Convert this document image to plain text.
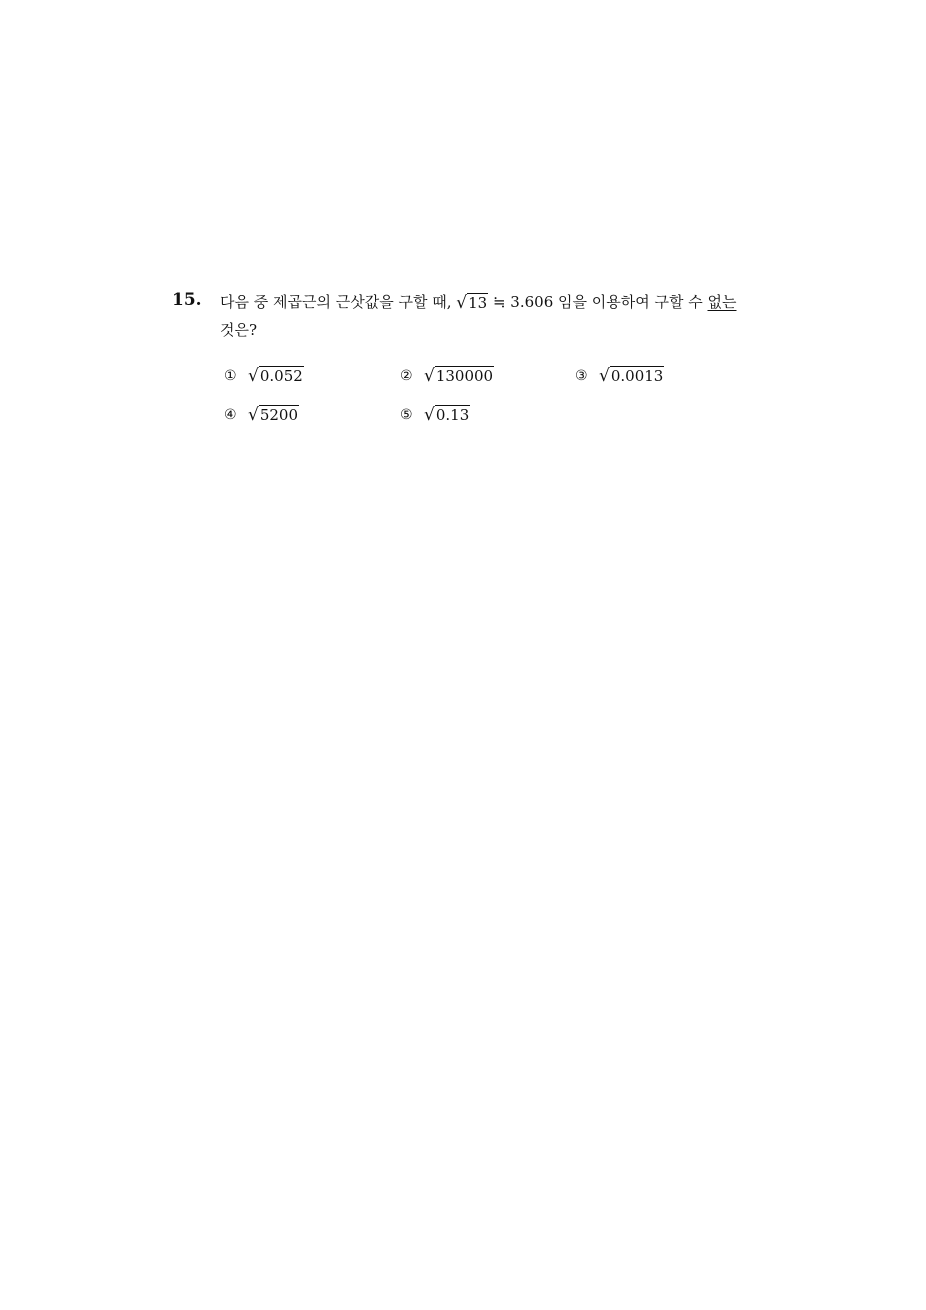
15. 다음 중 제곱근의 근삿값을 구할 때, √ 13 ≒ 3.606 임을 이용하여 구할 수 없는
것은?
① √ 0.052	② √ 130000	③ √ 0.0013
④ √ 5200	⑤ √ 0.13
